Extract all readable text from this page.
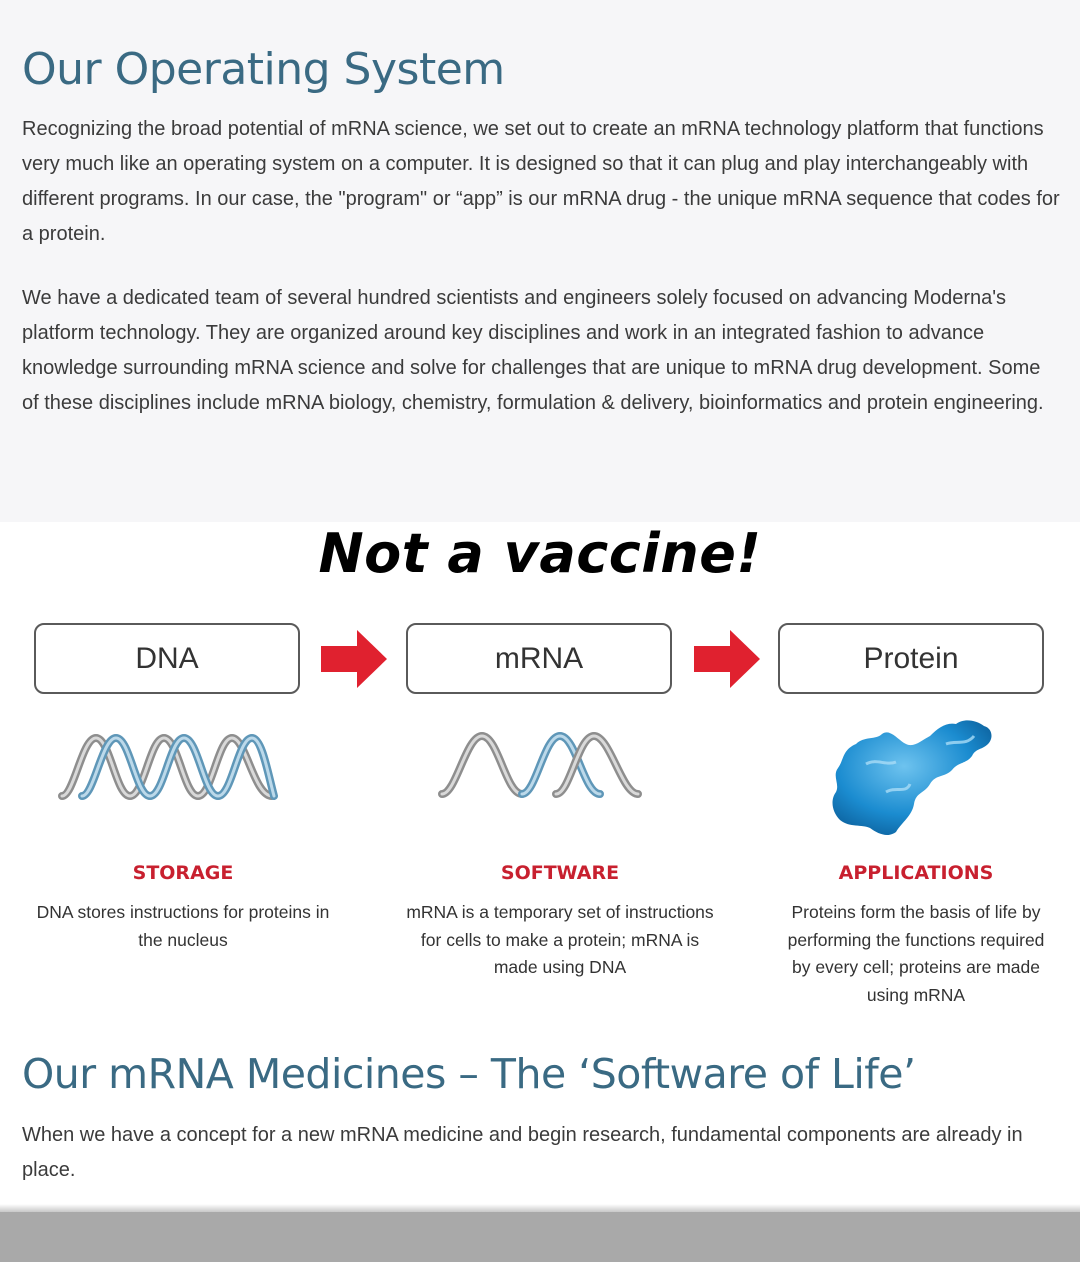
Our Operating System

Recognizing the broad potential of mRNA science, we set out to create an mRNA technology platform that functions very much like an operating system on a computer. It is designed so that it can plug and play interchangeably with different programs. In our case, the "program" or “app” is our mRNA drug - the unique mRNA sequence that codes for a protein.

We have a dedicated team of several hundred scientists and engineers solely focused on advancing Moderna's platform technology. They are organized around key disciplines and work in an integrated fashion to advance knowledge surrounding mRNA science and solve for challenges that are unique to mRNA drug development. Some of these disciplines include mRNA biology, chemistry, formulation & delivery, bioinformatics and protein engineering.

Not a vaccine!
DNA	mRNA	Protein
STORAGE	SOFTWARE	APPLICATIONS
DNA stores instructions for proteins in the nucleus
mRNA is a temporary set of instructions for cells to make a protein; mRNA is made using DNA
Proteins form the basis of life by performing the functions required by every cell; proteins are made using mRNA
Our mRNA Medicines – The ‘Software of Life’

When we have a concept for a new mRNA medicine and begin research, fundamental components are already in place.
